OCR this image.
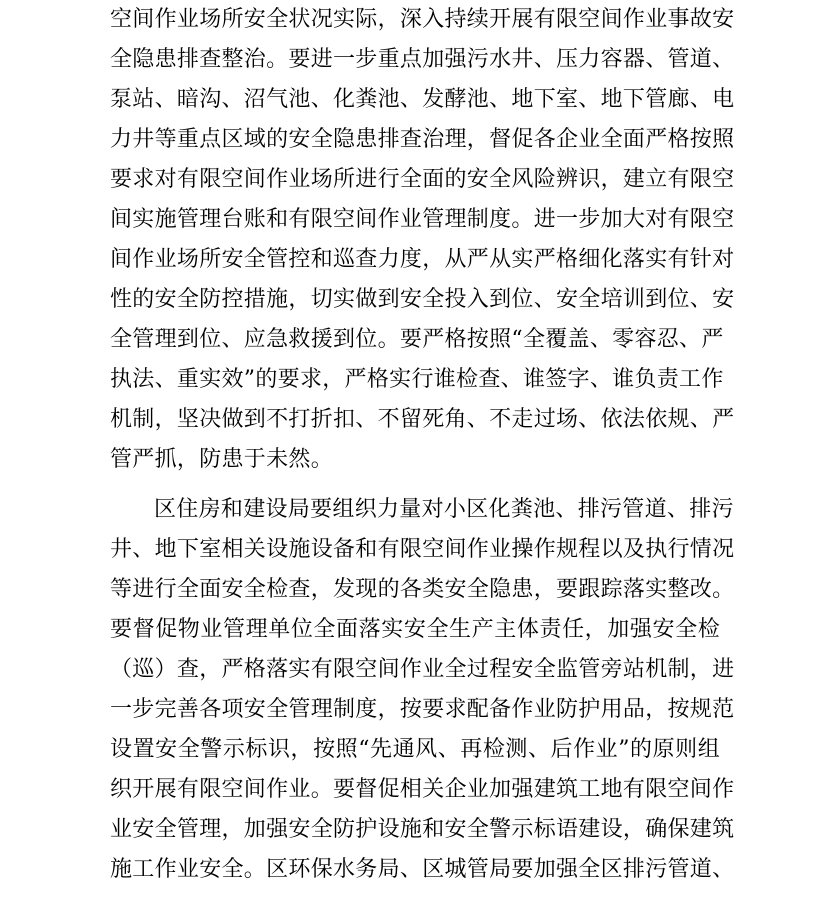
空间作业场所安全状况实际，深入持续开展有限空间作业事故安
全隐患排查整治。要进一步重点加强污水井、压力容器、管道、
泵站、暗沟、沼气池、化粪池、发酵池、地下室、地下管廊、电
力井等重点区域的安全隐患排查治理，督促各企业全面严格按照
要求对有限空间作业场所进行全面的安全风险辨识，建立有限空
间实施管理台账和有限空间作业管理制度。进一步加大对有限空
间作业场所安全管控和巡查力度，从严从实严格细化落实有针对
性的安全防控措施，切实做到安全投入到位、安全培训到位、安
全管理到位、应急救援到位。要严格按照“全覆盖、零容忍、严
执法、重实效”的要求，严格实行谁检查、谁签字、谁负责工作
机制，坚决做到不打折扣、不留死角、不走过场、依法依规、严
管严抓，防患于未然。
区住房和建设局要组织力量对小区化粪池、排污管道、排污
井、地下室相关设施设备和有限空间作业操作规程以及执行情况
等进行全面安全检查，发现的各类安全隐患，要跟踪落实整改。
要督促物业管理单位全面落实安全生产主体责任，加强安全检
（巡）查，严格落实有限空间作业全过程安全监管旁站机制，进
一步完善各项安全管理制度，按要求配备作业防护用品，按规范
设置安全警示标识，按照“先通风、再检测、后作业”的原则组
织开展有限空间作业。要督促相关企业加强建筑工地有限空间作
业安全管理，加强安全防护设施和安全警示标语建设，确保建筑
施工作业安全。区环保水务局、区城管局要加强全区排污管道、
